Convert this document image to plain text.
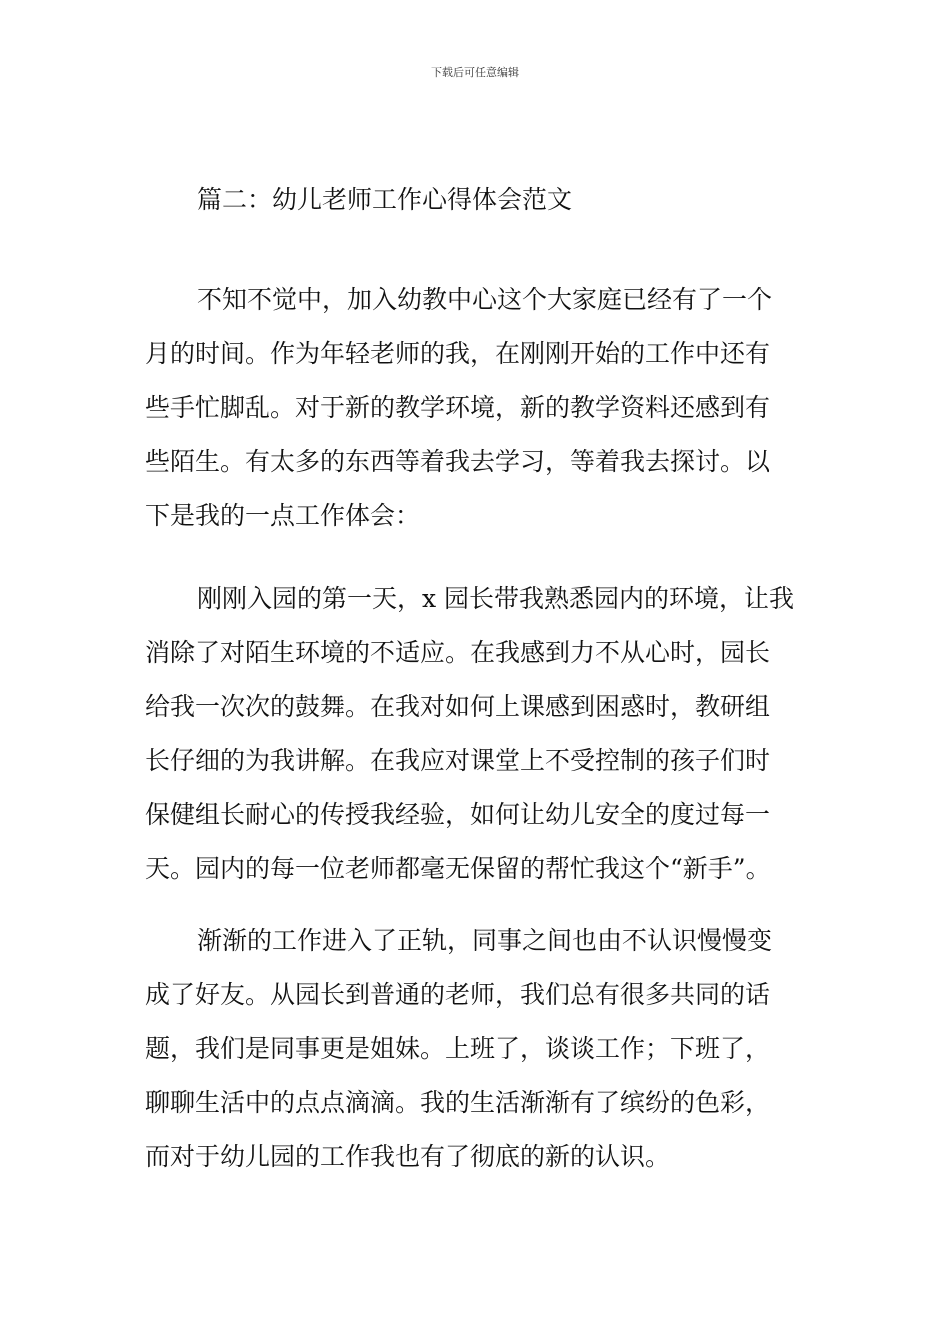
下载后可任意编辑
篇二：幼儿老师工作心得体会范文
不知不觉中，加入幼教中心这个大家庭已经有了一个
月的时间。作为年轻老师的我，在刚刚开始的工作中还有
些手忙脚乱。对于新的教学环境，新的教学资料还感到有
些陌生。有太多的东西等着我去学习，等着我去探讨。以
下是我的一点工作体会：
刚刚入园的第一天，x 园长带我熟悉园内的环境，让我
消除了对陌生环境的不适应。在我感到力不从心时，园长
给我一次次的鼓舞。在我对如何上课感到困惑时，教研组
长仔细的为我讲解。在我应对课堂上不受控制的孩子们时
保健组长耐心的传授我经验，如何让幼儿安全的度过每一
天。园内的每一位老师都毫无保留的帮忙我这个“新手”。
渐渐的工作进入了正轨，同事之间也由不认识慢慢变
成了好友。从园长到普通的老师，我们总有很多共同的话
题，我们是同事更是姐妹。上班了，谈谈工作；下班了，
聊聊生活中的点点滴滴。我的生活渐渐有了缤纷的色彩，
而对于幼儿园的工作我也有了彻底的新的认识。
